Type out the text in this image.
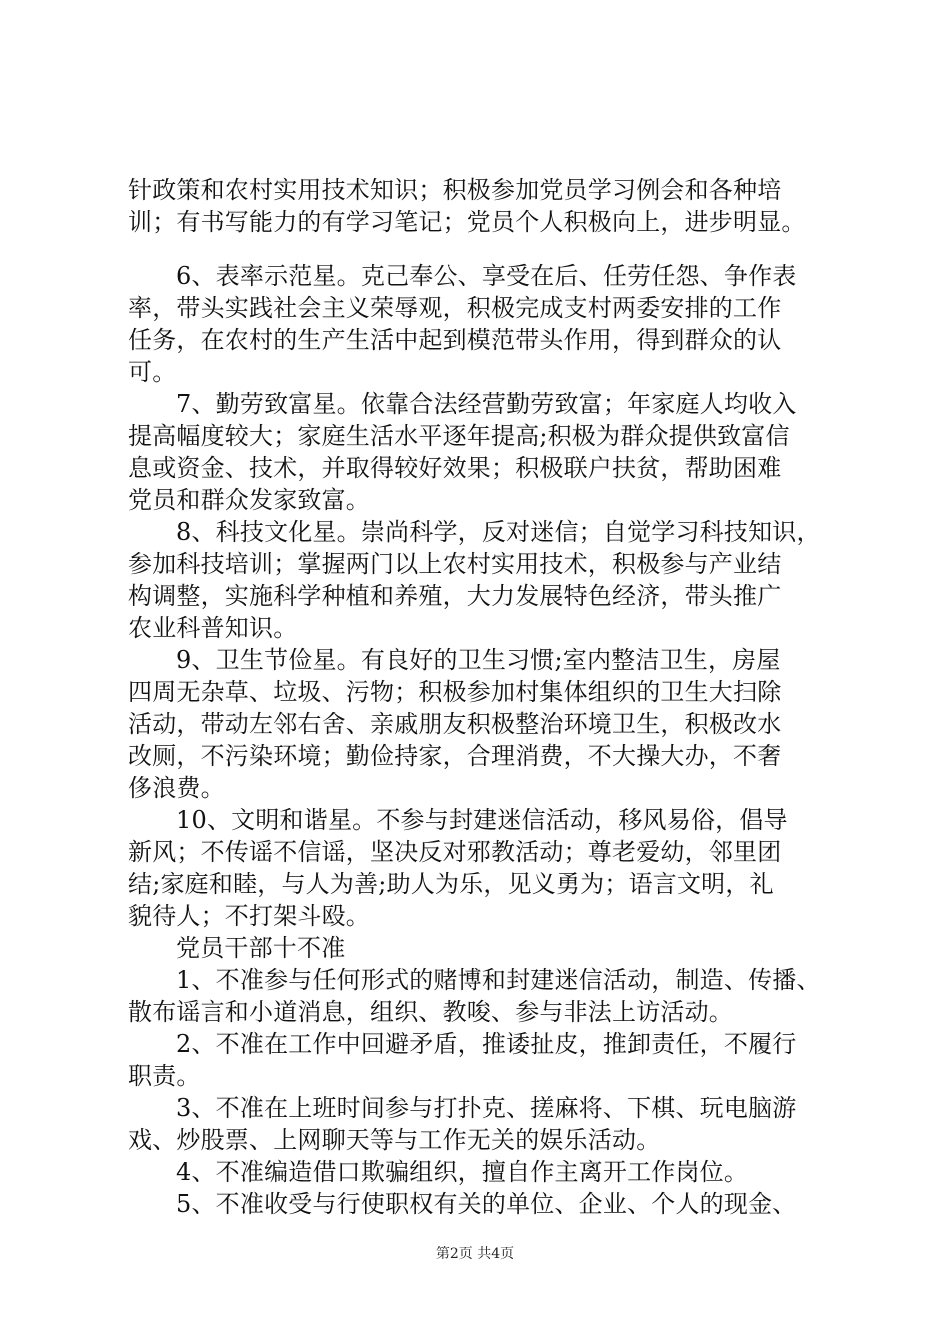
针政策和农村实用技术知识；积极参加党员学习例会和各种培
训；有书写能力的有学习笔记；党员个人积极向上，进步明显。
6、表率示范星。克己奉公、享受在后、任劳任怨、争作表
率，带头实践社会主义荣辱观，积极完成支村两委安排的工作
任务，在农村的生产生活中起到模范带头作用，得到群众的认
可。
7、勤劳致富星。依靠合法经营勤劳致富；年家庭人均收入
提高幅度较大；家庭生活水平逐年提高;积极为群众提供致富信
息或资金、技术，并取得较好效果；积极联户扶贫，帮助困难
党员和群众发家致富。
8、科技文化星。崇尚科学，反对迷信；自觉学习科技知识，
参加科技培训；掌握两门以上农村实用技术，积极参与产业结
构调整，实施科学种植和养殖，大力发展特色经济，带头推广
农业科普知识。
9、卫生节俭星。有良好的卫生习惯;室内整洁卫生，房屋
四周无杂草、垃圾、污物；积极参加村集体组织的卫生大扫除
活动，带动左邻右舍、亲戚朋友积极整治环境卫生，积极改水
改厕，不污染环境；勤俭持家，合理消费，不大操大办，不奢
侈浪费。
10、文明和谐星。不参与封建迷信活动，移风易俗，倡导
新风；不传谣不信谣，坚决反对邪教活动；尊老爱幼，邻里团
结;家庭和睦，与人为善;助人为乐，见义勇为；语言文明，礼
貌待人；不打架斗殴。
党员干部十不准
1、不准参与任何形式的赌博和封建迷信活动，制造、传播、
散布谣言和小道消息，组织、教唆、参与非法上访活动。
2、不准在工作中回避矛盾，推诿扯皮，推卸责任，不履行
职责。
3、不准在上班时间参与打扑克、搓麻将、下棋、玩电脑游
戏、炒股票、上网聊天等与工作无关的娱乐活动。
4、不准编造借口欺骗组织，擅自作主离开工作岗位。
5、不准收受与行使职权有关的单位、企业、个人的现金、
第2页 共4页
